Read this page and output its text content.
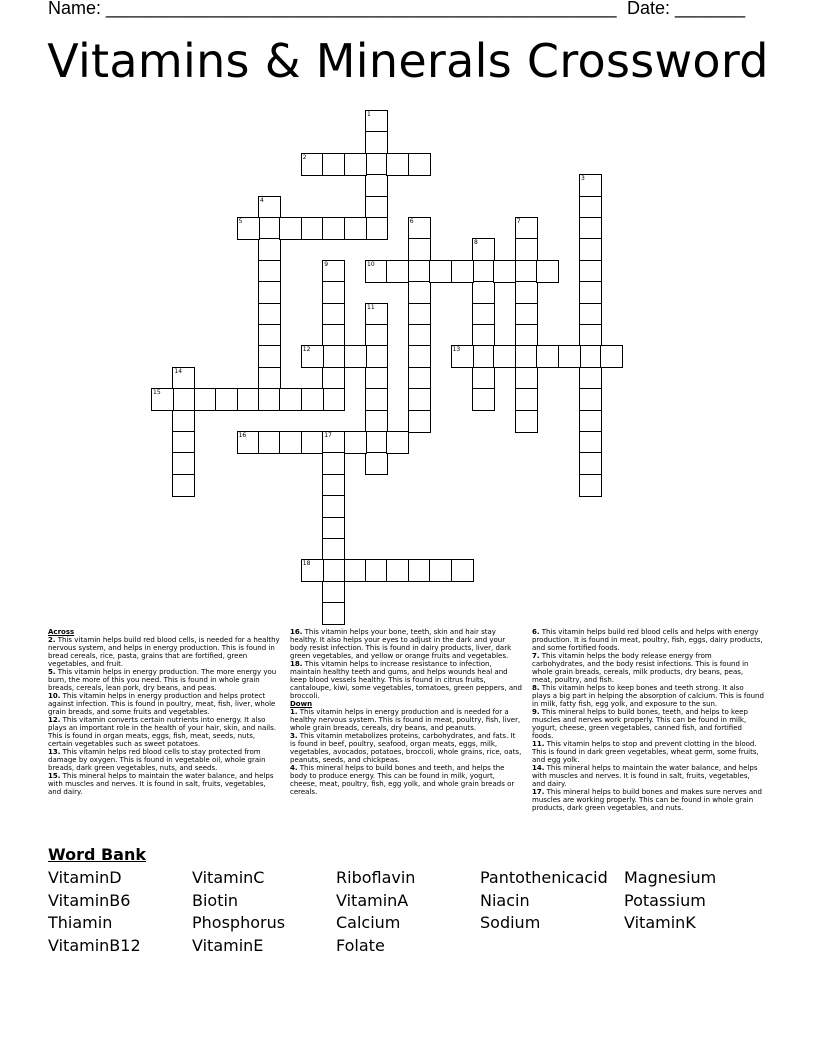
Name: ___________________________________________________ Date: _______
Vitamins & Minerals Crossword
1
2
3
4
5	6	7
8
9	10
11
12	13
14
15
16	17
18

Across

2. This vitamin helps build red blood cells, is needed for a healthy nervous system, and helps in energy production. This is found in bread cereals, rice, pasta, grains that are fortified, green vegetables, and fruit.

5. This vitamin helps in energy production. The more energy you burn, the more of this you need. This is found in whole grain breads, cereals, lean pork, dry beans, and peas.

10. This vitamin helps in energy production and helps protect against infection. This is found in poultry, meat, fish, liver, whole grain breads, and some fruits and vegetables.

12. This vitamin converts certain nutrients into energy. It also plays an important role in the health of your hair, skin, and nails. This is found in organ meats, eggs, fish, meat, seeds, nuts, certain vegetables such as sweet potatoes.

13. This vitamin helps red blood cells to stay protected from damage by oxygen. This is found in vegetable oil, whole grain breads, dark green vegetables, nuts, and seeds.

15. This mineral helps to maintain the water balance, and helps with muscles and nerves. It is found in salt, fruits, vegetables, and dairy.

16. This vitamin helps your bone, teeth, skin and hair stay healthy. It also helps your eyes to adjust in the dark and your body resist infection. This is found in dairy products, liver, dark green vegetables, and yellow or orange fruits and vegetables.

18. This vitamin helps to increase resistance to infection, maintain healthy teeth and gums, and helps wounds heal and keep blood vessels healthy. This is found in citrus fruits, cantaloupe, kiwi, some vegetables, tomatoes, green peppers, and broccoli.

Down

1. This vitamin helps in energy production and is needed for a healthy nervous system. This is found in meat, poultry, fish, liver, whole grain breads, cereals, dry beans, and peanuts.

3. This vitamin metabolizes proteins, carbohydrates, and fats. It is found in beef, poultry, seafood, organ meats, eggs, milk, vegetables, avocados, potatoes, broccoli, whole grains, rice, oats, peanuts, seeds, and chickpeas.

4. This mineral helps to build bones and teeth, and helps the body to produce energy. This can be found in milk, yogurt, cheese, meat, poultry, fish, egg yolk, and whole grain breads or cereals.

6. This vitamin helps build red blood cells and helps with energy production. It is found in meat, poultry, fish, eggs, dairy products, and some fortified foods.

7. This vitamin helps the body release energy from carbohydrates, and the body resist infections. This is found in whole grain breads, cereals, milk products, dry beans, peas, meat, poultry, and fish.

8. This vitamin helps to keep bones and teeth strong. It also plays a big part in helping the absorption of calcium. This is found in milk, fatty fish, egg yolk, and exposure to the sun.

9. This mineral helps to build bones, teeth, and helps to keep muscles and nerves work properly. This can be found in milk, yogurt, cheese, green vegetables, canned fish, and fortified foods.

11. This vitamin helps to stop and prevent clotting in the blood. This is found in dark green vegetables, wheat germ, some fruits, and egg yolk.

14. This mineral helps to maintain the water balance, and helps with muscles and nerves. It is found in salt, fruits, vegetables, and dairy.

17. This mineral helps to build bones and makes sure nerves and muscles are working properly. This can be found in whole grain products, dark green vegetables, and nuts.

Word Bank
VitaminD	VitaminC	Riboflavin	Pantothenicacid Magnesium
VitaminB6	Biotin	VitaminA	Niacin	Potassium
Thiamin	Phosphorus	Calcium	Sodium	VitaminK
VitaminB12	VitaminE	Folate
